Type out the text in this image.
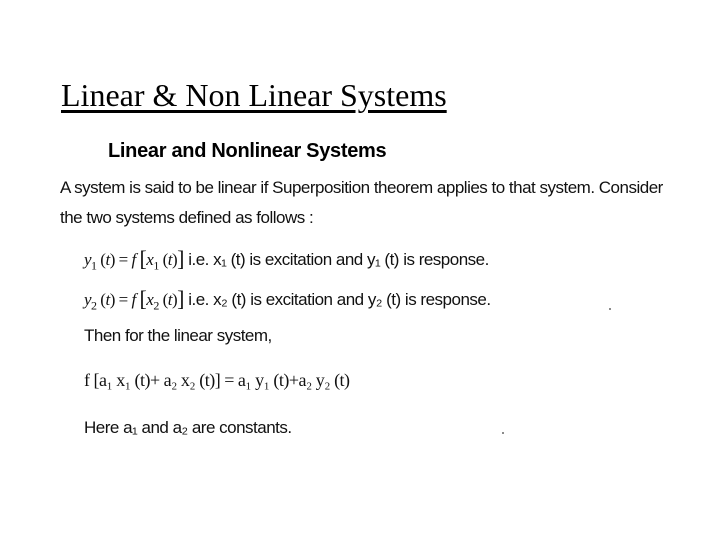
Linear & Non Linear Systems
Linear and Nonlinear Systems
A system is said to be linear if Superposition theorem applies to that system. Consider
the two systems defined as follows :
$y_1$ (t) = f [$x_1$ (t)] i.e. x₁ (t) is excitation and y₁ (t) is response.
$y_2$ (t) = f [$x_2$ (t)] i.e. x₂ (t) is excitation and y₂ (t) is response.
Then for the linear system,
f [a₁ x₁ (t)+ a₂ x₂ (t)] = a₁ y₁ (t)+a₂ y₂ (t)
Here a₁ and a₂ are constants.
